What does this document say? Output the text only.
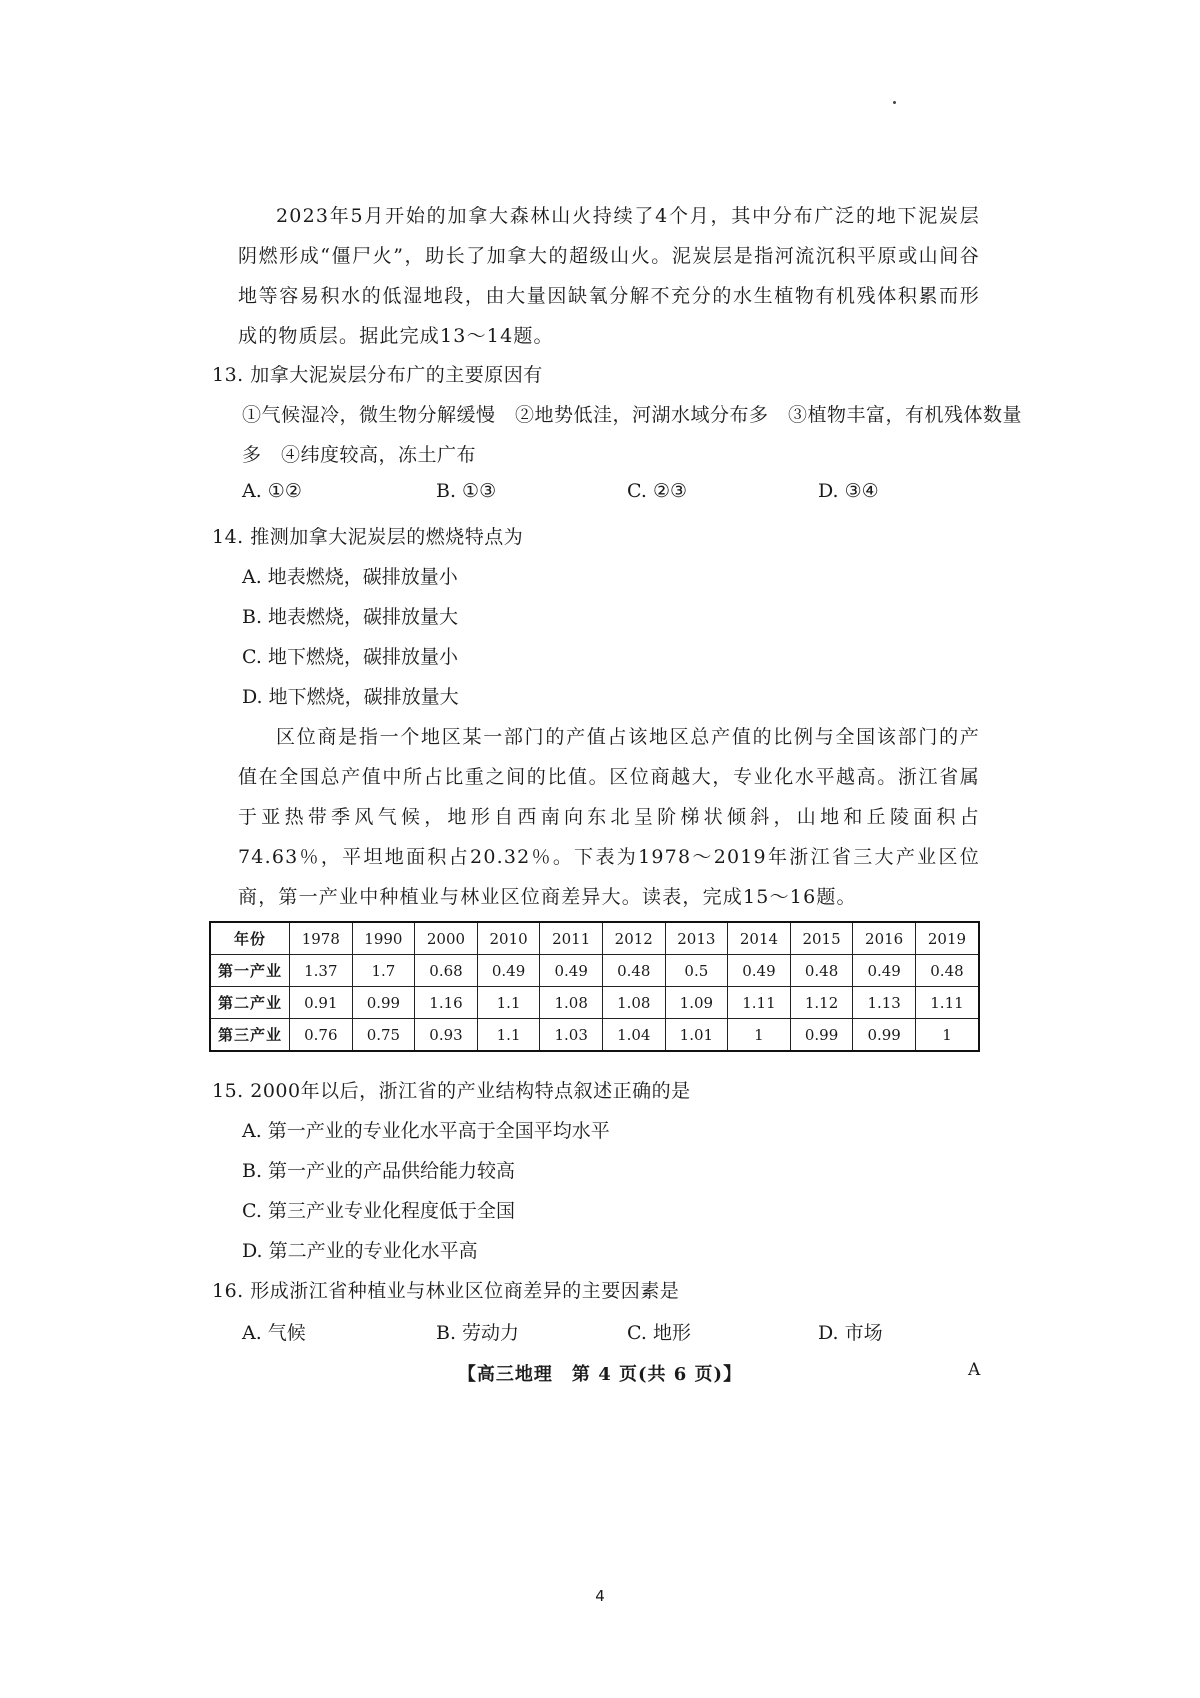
2023年5月开始的加拿大森林山火持续了4个月，其中分布广泛的地下泥炭层阴燃形成“僵尸火”，助长了加拿大的超级山火。泥炭层是指河流沉积平原或山间谷地等容易积水的低湿地段，由大量因缺氧分解不充分的水生植物有机残体积累而形成的物质层。据此完成13～14题。

13. 加拿大泥炭层分布广的主要原因有
①气候湿冷，微生物分解缓慢　②地势低洼，河湖水域分布多　③植物丰富，有机残体数量
多　④纬度较高，冻土广布
A. ①②	B. ①③	C. ②③	D. ③④
14. 推测加拿大泥炭层的燃烧特点为
A. 地表燃烧，碳排放量小
B. 地表燃烧，碳排放量大
C. 地下燃烧，碳排放量小
D. 地下燃烧，碳排放量大

区位商是指一个地区某一部门的产值占该地区总产值的比例与全国该部门的产值在全国总产值中所占比重之间的比值。区位商越大，专业化水平越高。浙江省属于亚热带季风气候，地形自西南向东北呈阶梯状倾斜，山地和丘陵面积占74.63％，平坦地面积占20.32％。下表为1978～2019年浙江省三大产业区位商，第一产业中种植业与林业区位商差异大。读表，完成15～16题。

年份	1978	1990	2000	2010	2011	2012	2013	2014	2015	2016	2019
第一产业	1.37	1.7	0.68	0.49	0.49	0.48	0.5	0.49	0.48	0.49	0.48
第二产业	0.91	0.99	1.16	1.1	1.08	1.08	1.09	1.11	1.12	1.13	1.11
第三产业	0.76	0.75	0.93	1.1	1.03	1.04	1.01	1	0.99	0.99	1
15. 2000年以后，浙江省的产业结构特点叙述正确的是
A. 第一产业的专业化水平高于全国平均水平
B. 第一产业的产品供给能力较高
C. 第三产业专业化程度低于全国
D. 第二产业的专业化水平高
16. 形成浙江省种植业与林业区位商差异的主要因素是
A. 气候	B. 劳动力	C. 地形	D. 市场
【高三地理　第 4 页(共 6 页)】	A
4
